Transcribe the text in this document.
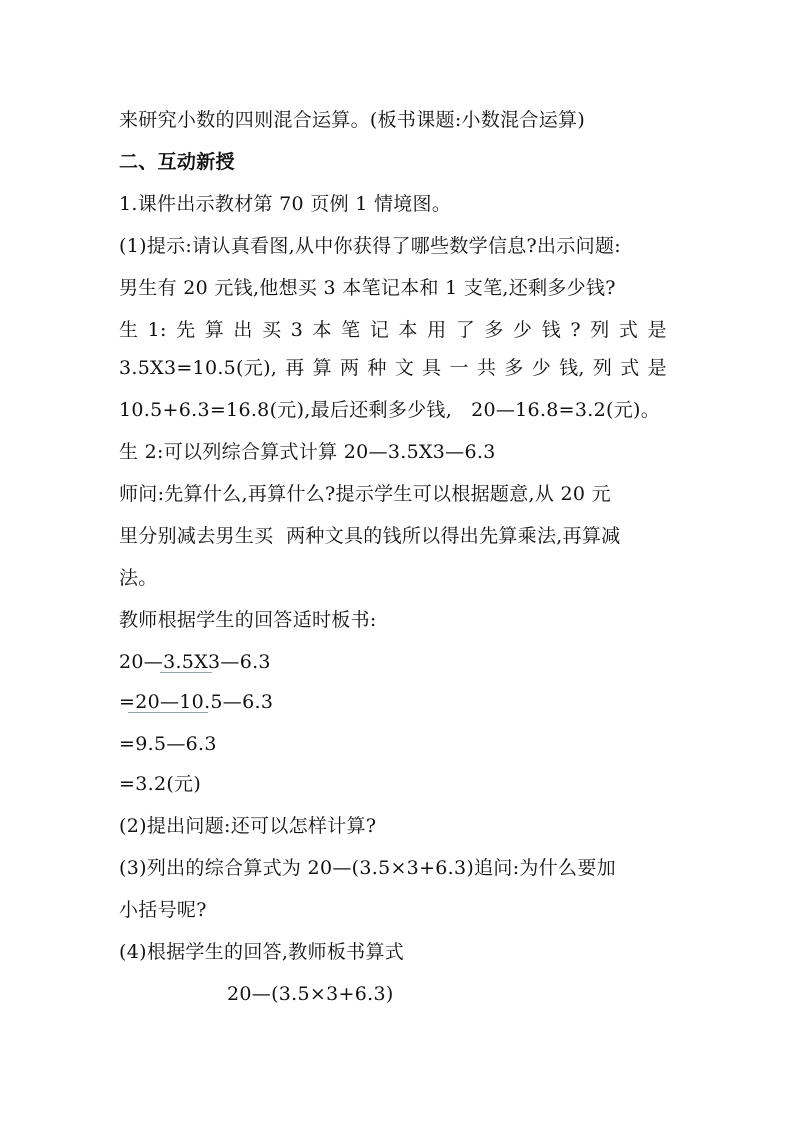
来研究小数的四则混合运算。(板书课题:小数混合运算)
二、互动新授
1.课件出示教材第 70 页例 1 情境图。
(1)提示:请认真看图,从中你获得了哪些数学信息?出示问题:
男生有 20 元钱,他想买 3 本笔记本和 1 支笔,还剩多少钱?
生 1: 先 算 出 买 3 本 笔 记 本 用 了 多 少 钱 ? 列 式 是
3.5X3=10.5(元), 再 算 两 种 文 具 一 共 多 少 钱, 列 式 是
10.5+6.3=16.8(元),最后还剩多少钱,   20—16.8=3.2(元)。
生 2:可以列综合算式计算 20—3.5X3—6.3
师问:先算什么,再算什么?提示学生可以根据题意,从 20 元
里分别减去男生买  两种文具的钱所以得出先算乘法,再算减
法。
教师根据学生的回答适时板书:
20—3.5X3—6.3
=20—10.5—6.3
=9.5—6.3
=3.2(元)
(2)提出问题:还可以怎样计算?
(3)列出的综合算式为 20—(3.5×3+6.3)追问:为什么要加
小括号呢?
(4)根据学生的回答,教师板书算式
20—(3.5×3+6.3)
